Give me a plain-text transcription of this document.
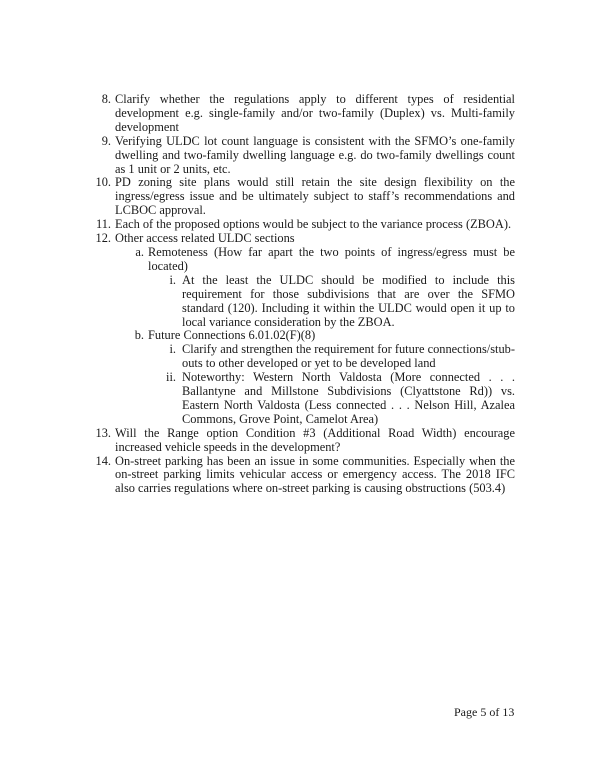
8. Clarify whether the regulations apply to different types of residential development e.g. single-family and/or two-family (Duplex) vs. Multi-family development
9. Verifying ULDC lot count language is consistent with the SFMO’s one-family dwelling and two-family dwelling language e.g. do two-family dwellings count as 1 unit or 2 units, etc.
10. PD zoning site plans would still retain the site design flexibility on the ingress/egress issue and be ultimately subject to staff’s recommendations and LCBOC approval.
11. Each of the proposed options would be subject to the variance process (ZBOA).
12. Other access related ULDC sections
a. Remoteness (How far apart the two points of ingress/egress must be located)
i. At the least the ULDC should be modified to include this requirement for those subdivisions that are over the SFMO standard (120). Including it within the ULDC would open it up to local variance consideration by the ZBOA.
b. Future Connections 6.01.02(F)(8)
i. Clarify and strengthen the requirement for future connections/stub-outs to other developed or yet to be developed land
ii. Noteworthy: Western North Valdosta (More connected . . . Ballantyne and Millstone Subdivisions (Clyattstone Rd)) vs. Eastern North Valdosta (Less connected . . . Nelson Hill, Azalea Commons, Grove Point, Camelot Area)
13. Will the Range option Condition #3 (Additional Road Width) encourage increased vehicle speeds in the development?
14. On-street parking has been an issue in some communities. Especially when the on-street parking limits vehicular access or emergency access. The 2018 IFC also carries regulations where on-street parking is causing obstructions (503.4)
Page 5 of 13
